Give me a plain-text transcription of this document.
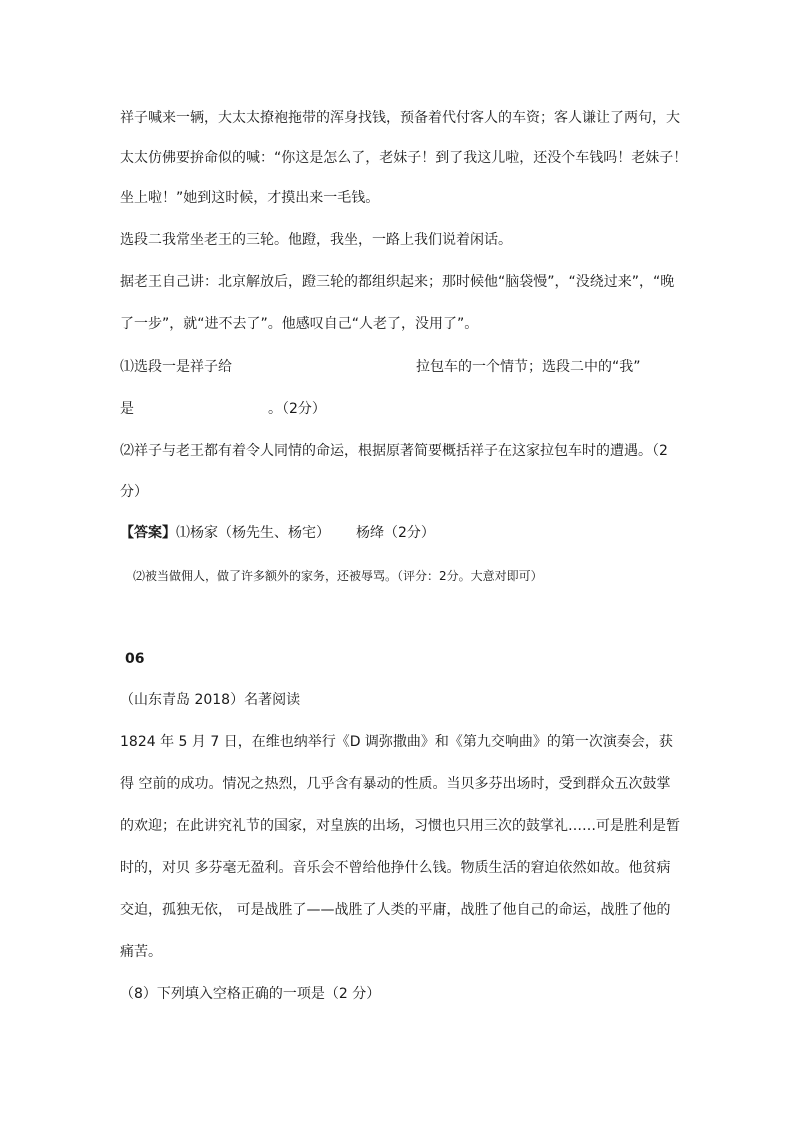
祥子喊来一辆，大太太撩袍拖带的浑身找钱，预备着代付客人的车资；客人谦让了两句，大
太太仿佛要拚命似的喊：“你这是怎么了，老妹子！到了我这儿啦，还没个车钱吗！老妹子！
坐上啦！”她到这时候，才摸出来一毛钱。
选段二我常坐老王的三轮。他蹬，我坐，一路上我们说着闲话。
据老王自己讲：北京解放后，蹬三轮的都组织起来；那时候他“脑袋慢”，“没绕过来”，“晚
了一步”，就“进不去了”。他感叹自己“人老了，没用了”。
⑴选段一是祥子给	拉包车的一个情节；选段二中的“我”
是	。（2分）
⑵祥子与老王都有着令人同情的命运，根据原著简要概括祥子在这家拉包车时的遭遇。（2
分）
【答案】⑴杨家（杨先生、杨宅） 杨绛（2分）
⑵被当做佣人，做了许多额外的家务，还被辱骂。（评分：2分。大意对即可）
06
（山东青岛 2018）名著阅读
1824 年 5 月 7 日，在维也纳举行《D 调弥撒曲》和《第九交响曲》的第一次演奏会，获
得 空前的成功。情况之热烈，几乎含有暴动的性质。当贝多芬出场时，受到群众五次鼓掌
的欢迎；在此讲究礼节的国家，对皇族的出场，习惯也只用三次的鼓掌礼……可是胜利是暂
时的，对贝 多芬毫无盈利。音乐会不曾给他挣什么钱。物质生活的窘迫依然如故。他贫病
交迫，孤独无依， 可是战胜了——战胜了人类的平庸，战胜了他自己的命运，战胜了他的
痛苦。
（8）下列填入空格正确的一项是（2 分）
